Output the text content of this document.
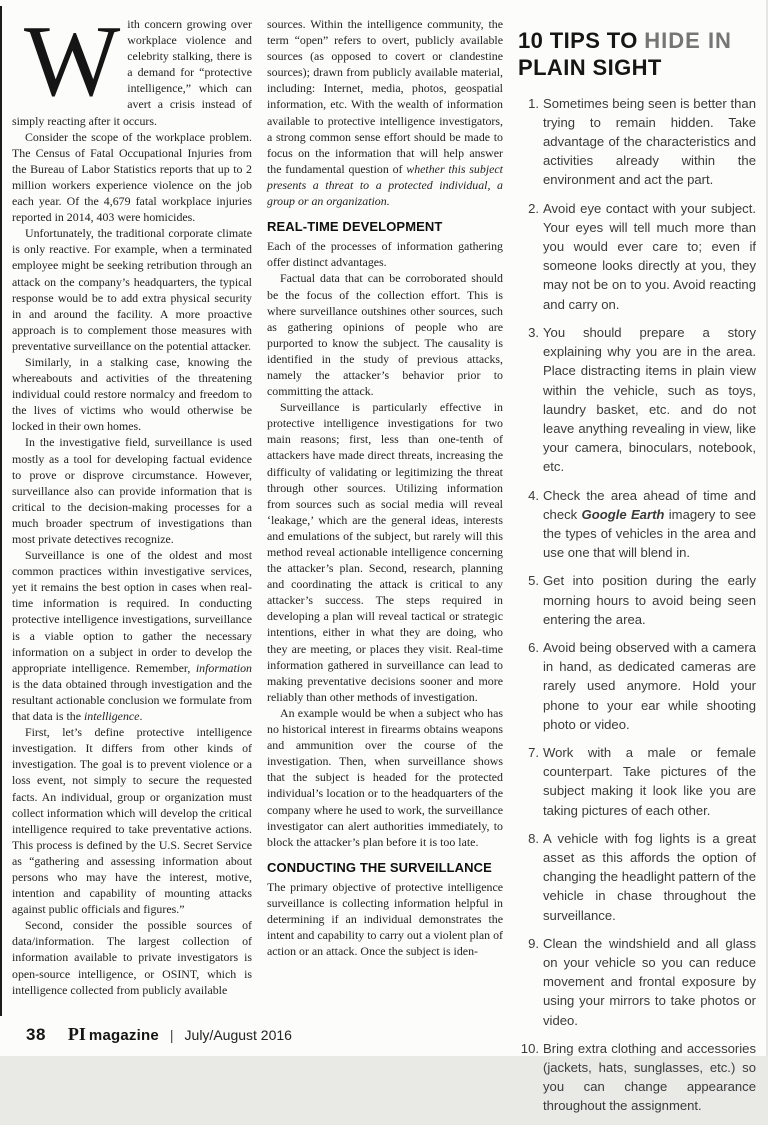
With concern growing over workplace violence and celebrity stalking, there is a demand for “protective intelligence,” which can avert a crisis instead of simply reacting after it occurs.

Consider the scope of the workplace problem. The Census of Fatal Occupational Injuries from the Bureau of Labor Statistics reports that up to 2 million workers experience violence on the job each year. Of the 4,679 fatal workplace injuries reported in 2014, 403 were homicides.

Unfortunately, the traditional corporate climate is only reactive. For example, when a terminated employee might be seeking retribution through an attack on the company’s headquarters, the typical response would be to add extra physical security in and around the facility. A more proactive approach is to complement those measures with preventative surveillance on the potential attacker.

Similarly, in a stalking case, knowing the whereabouts and activities of the threatening individual could restore normalcy and freedom to the lives of victims who would otherwise be locked in their own homes.

In the investigative field, surveillance is used mostly as a tool for developing factual evidence to prove or disprove circumstance. However, surveillance also can provide information that is critical to the decision-making processes for a much broader spectrum of investigations than most private detectives recognize.

Surveillance is one of the oldest and most common practices within investigative services, yet it remains the best option in cases when real-time information is required. In conducting protective intelligence investigations, surveillance is a viable option to gather the necessary information on a subject in order to develop the appropriate intelligence. Remember, information is the data obtained through investigation and the resultant actionable conclusion we formulate from that data is the intelligence.

First, let’s define protective intelligence investigation. It differs from other kinds of investigation. The goal is to prevent violence or a loss event, not simply to secure the requested facts. An individual, group or organization must collect information which will develop the critical intelligence required to take preventative actions. This process is defined by the U.S. Secret Service as “gathering and assessing information about persons who may have the interest, motive, intention and capability of mounting attacks against public officials and figures.”

Second, consider the possible sources of data/information. The largest collection of information available to private investigators is open-source intelligence, or OSINT, which is intelligence collected from publicly available

sources. Within the intelligence community, the term “open” refers to overt, publicly available sources (as opposed to covert or clandestine sources); drawn from publicly available material, including: Internet, media, photos, geospatial information, etc. With the wealth of information available to protective intelligence investigators, a strong common sense effort should be made to focus on the information that will help answer the fundamental question of whether this subject presents a threat to a protected individual, a group or an organization.

REAL-TIME DEVELOPMENT

Each of the processes of information gathering offer distinct advantages.

Factual data that can be corroborated should be the focus of the collection effort. This is where surveillance outshines other sources, such as gathering opinions of people who are purported to know the subject. The causality is identified in the study of previous attacks, namely the attacker’s behavior prior to committing the attack.

Surveillance is particularly effective in protective intelligence investigations for two main reasons; first, less than one-tenth of attackers have made direct threats, increasing the difficulty of validating or legitimizing the threat through other sources. Utilizing information from sources such as social media will reveal ‘leakage,’ which are the general ideas, interests and emulations of the subject, but rarely will this method reveal actionable intelligence concerning the attacker’s plan. Second, research, planning and coordinating the attack is critical to any attacker’s success. The steps required in developing a plan will reveal tactical or strategic intentions, either in what they are doing, who they are meeting, or places they visit. Real-time information gathered in surveillance can lead to making preventative decisions sooner and more reliably than other methods of investigation.

An example would be when a subject who has no historical interest in firearms obtains weapons and ammunition over the course of the investigation. Then, when surveillance shows that the subject is headed for the protected individual’s location or to the headquarters of the company where he used to work, the surveillance investigator can alert authorities immediately, to block the attacker’s plan before it is too late.

CONDUCTING THE SURVEILLANCE

The primary objective of protective intelligence surveillance is collecting information helpful in determining if an individual demonstrates the intent and capability to carry out a violent plan of action or an attack. Once the subject is iden-

10 TIPS TO HIDE IN
PLAIN SIGHT
1. Sometimes being seen is better than trying to remain hidden. Take advantage of the characteristics and activities already within the environment and act the part.
2. Avoid eye contact with your subject. Your eyes will tell much more than you would ever care to; even if someone looks directly at you, they may not be on to you. Avoid reacting and carry on.
3. You should prepare a story explaining why you are in the area. Place distracting items in plain view within the vehicle, such as toys, laundry basket, etc. and do not leave anything revealing in view, like your camera, binoculars, notebook, etc.
4. Check the area ahead of time and check Google Earth imagery to see the types of vehicles in the area and use one that will blend in.
5. Get into position during the early morning hours to avoid being seen entering the area.
6. Avoid being observed with a camera in hand, as dedicated cameras are rarely used anymore. Hold your phone to your ear while shooting photo or video.
7. Work with a male or female counterpart. Take pictures of the subject making it look like you are taking pictures of each other.
8. A vehicle with fog lights is a great asset as this affords the option of changing the headlight pattern of the vehicle in chase throughout the surveillance.
9. Clean the windshield and all glass on your vehicle so you can reduce movement and frontal exposure by using your mirrors to take photos or video.
10. Bring extra clothing and accessories (jackets, hats, sunglasses, etc.) so you can change appearance throughout the assignment.
38 PI magazine | July/August 2016
